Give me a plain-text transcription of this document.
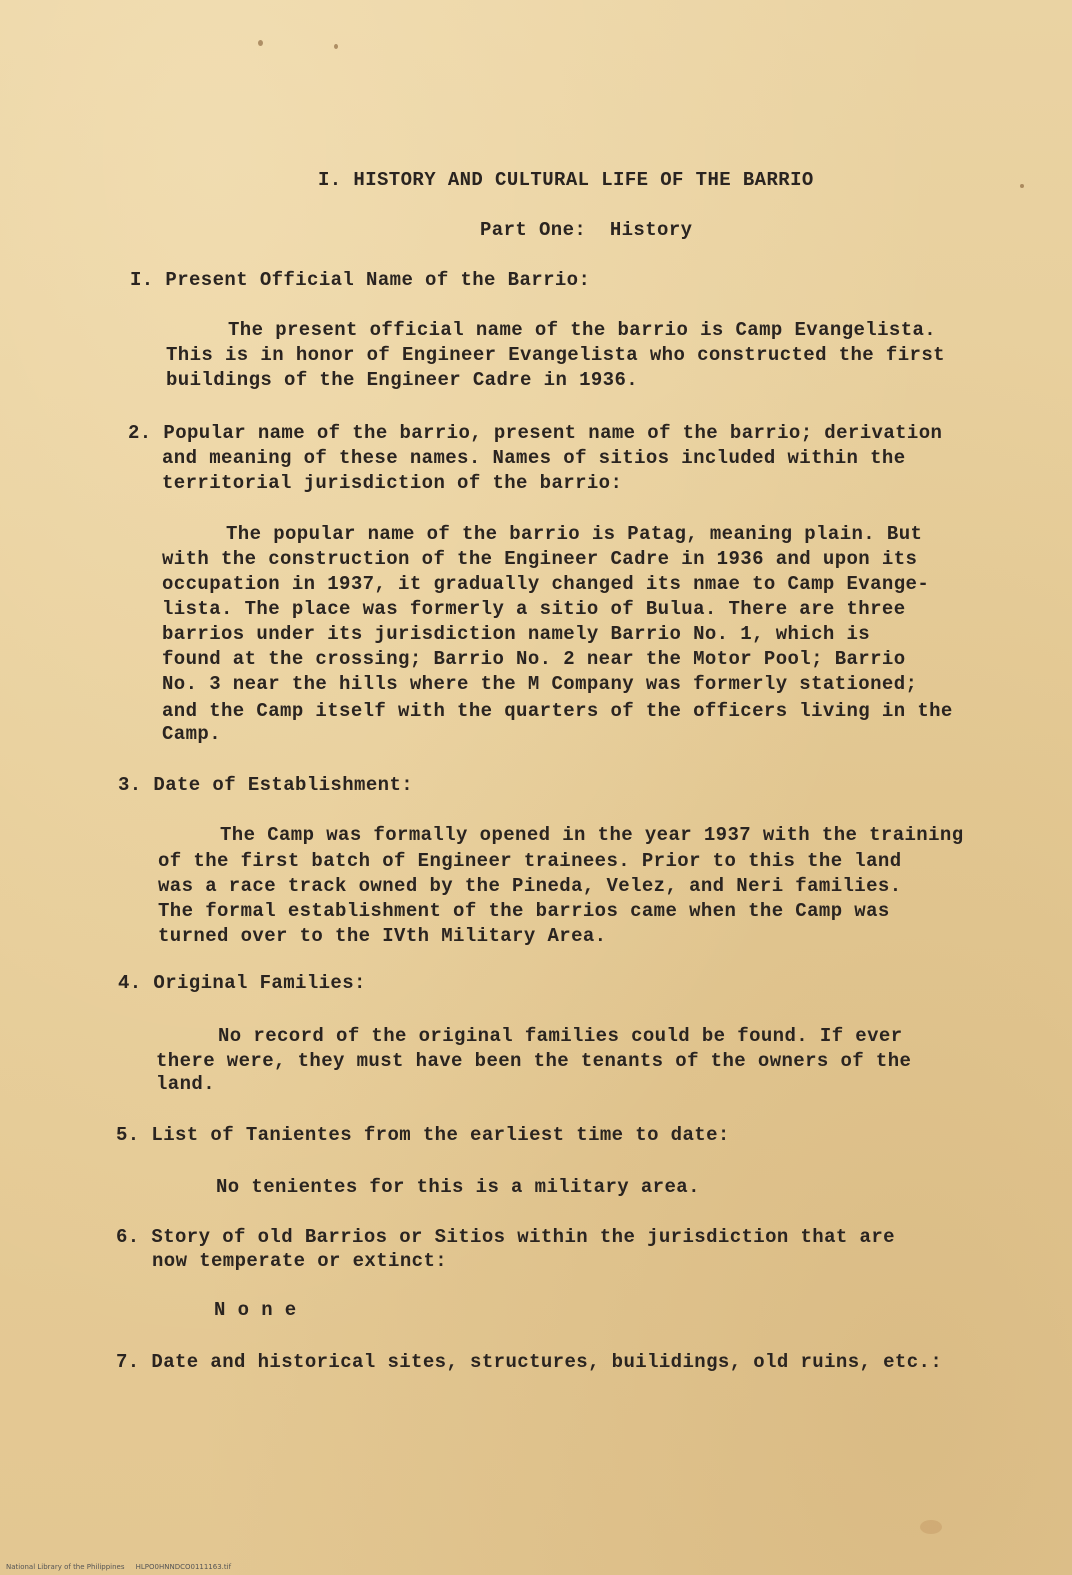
I. HISTORY AND CULTURAL LIFE OF THE BARRIO
Part One:  History
I. Present Official Name of the Barrio:
The present official name of the barrio is Camp Evangelista.
This is in honor of Engineer Evangelista who constructed the first
buildings of the Engineer Cadre in 1936.
2. Popular name of the barrio, present name of the barrio; derivation
and meaning of these names. Names of sitios included within the
territorial jurisdiction of the barrio:
The popular name of the barrio is Patag, meaning plain. But
with the construction of the Engineer Cadre in 1936 and upon its
occupation in 1937, it gradually changed its nmae to Camp Evange-
lista. The place was formerly a sitio of Bulua. There are three
barrios under its jurisdiction namely Barrio No. 1, which is
found at the crossing; Barrio No. 2 near the Motor Pool; Barrio
No. 3 near the hills where the M Company was formerly stationed;
and the Camp itself with the quarters of the officers living in the
Camp.
3. Date of Establishment:
The Camp was formally opened in the year 1937 with the training
of the first batch of Engineer trainees. Prior to this the land
was a race track owned by the Pineda, Velez, and Neri families.
The formal establishment of the barrios came when the Camp was
turned over to the IVth Military Area.
4. Original Families:
No record of the original families could be found. If ever
there were, they must have been the tenants of the owners of the
land.
5. List of Tanientes from the earliest time to date:
No tenientes for this is a military area.
6. Story of old Barrios or Sitios within the jurisdiction that are
now temperate or extinct:
N o n e
7. Date and historical sites, structures, builidings, old ruins, etc.:
National Library of the Philippines     HLPO0HNNDCO0111163.tif
